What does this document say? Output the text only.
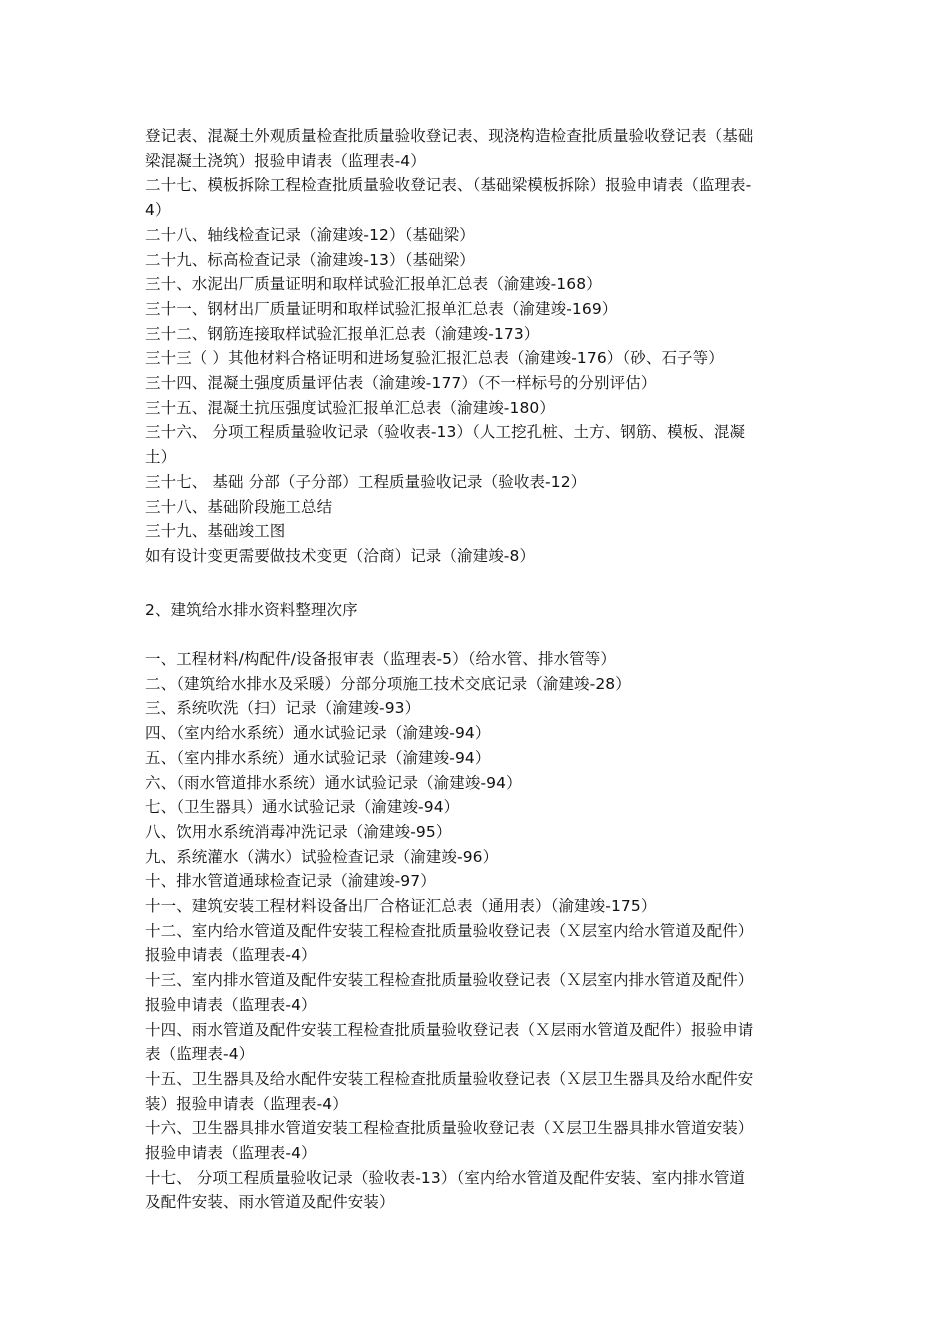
登记表、混凝土外观质量检查批质量验收登记表、现浇构造检查批质量验收登记表（基础
梁混凝土浇筑）报验申请表（监理表-4）
二十七、模板拆除工程检查批质量验收登记表、（基础梁模板拆除）报验申请表（监理表-
4）
二十八、轴线检查记录（渝建竣-12）（基础梁）
二十九、标高检查记录（渝建竣-13）（基础梁）
三十、水泥出厂质量证明和取样试验汇报单汇总表（渝建竣-168）
三十一、钢材出厂质量证明和取样试验汇报单汇总表（渝建竣-169）
三十二、钢筋连接取样试验汇报单汇总表（渝建竣-173）
三十三（ ）其他材料合格证明和进场复验汇报汇总表（渝建竣-176）（砂、石子等）
三十四、混凝土强度质量评估表（渝建竣-177）（不一样标号的分别评估）
三十五、混凝土抗压强度试验汇报单汇总表（渝建竣-180）
三十六、 分项工程质量验收记录（验收表-13）（人工挖孔桩、土方、钢筋、模板、混凝
土）
三十七、 基础 分部（子分部）工程质量验收记录（验收表-12）
三十八、基础阶段施工总结
三十九、基础竣工图
如有设计变更需要做技术变更（洽商）记录（渝建竣-8）
2、建筑给水排水资料整理次序
一、工程材料/构配件/设备报审表（监理表-5）（给水管、排水管等）
二、（建筑给水排水及采暖）分部分项施工技术交底记录（渝建竣-28）
三、系统吹洗（扫）记录（渝建竣-93）
四、（室内给水系统）通水试验记录（渝建竣-94）
五、（室内排水系统）通水试验记录（渝建竣-94）
六、（雨水管道排水系统）通水试验记录（渝建竣-94）
七、（卫生器具）通水试验记录（渝建竣-94）
八、饮用水系统消毒冲洗记录（渝建竣-95）
九、系统灌水（满水）试验检查记录（渝建竣-96）
十、排水管道通球检查记录（渝建竣-97）
十一、建筑安装工程材料设备出厂合格证汇总表（通用表）（渝建竣-175）
十二、室内给水管道及配件安装工程检查批质量验收登记表（Ｘ层室内给水管道及配件）
报验申请表（监理表-4）
十三、室内排水管道及配件安装工程检查批质量验收登记表（Ｘ层室内排水管道及配件）
报验申请表（监理表-4）
十四、雨水管道及配件安装工程检查批质量验收登记表（Ｘ层雨水管道及配件）报验申请
表（监理表-4）
十五、卫生器具及给水配件安装工程检查批质量验收登记表（Ｘ层卫生器具及给水配件安
装）报验申请表（监理表-4）
十六、卫生器具排水管道安装工程检查批质量验收登记表（Ｘ层卫生器具排水管道安装）
报验申请表（监理表-4）
十七、 分项工程质量验收记录（验收表-13）（室内给水管道及配件安装、室内排水管道
及配件安装、雨水管道及配件安装）
